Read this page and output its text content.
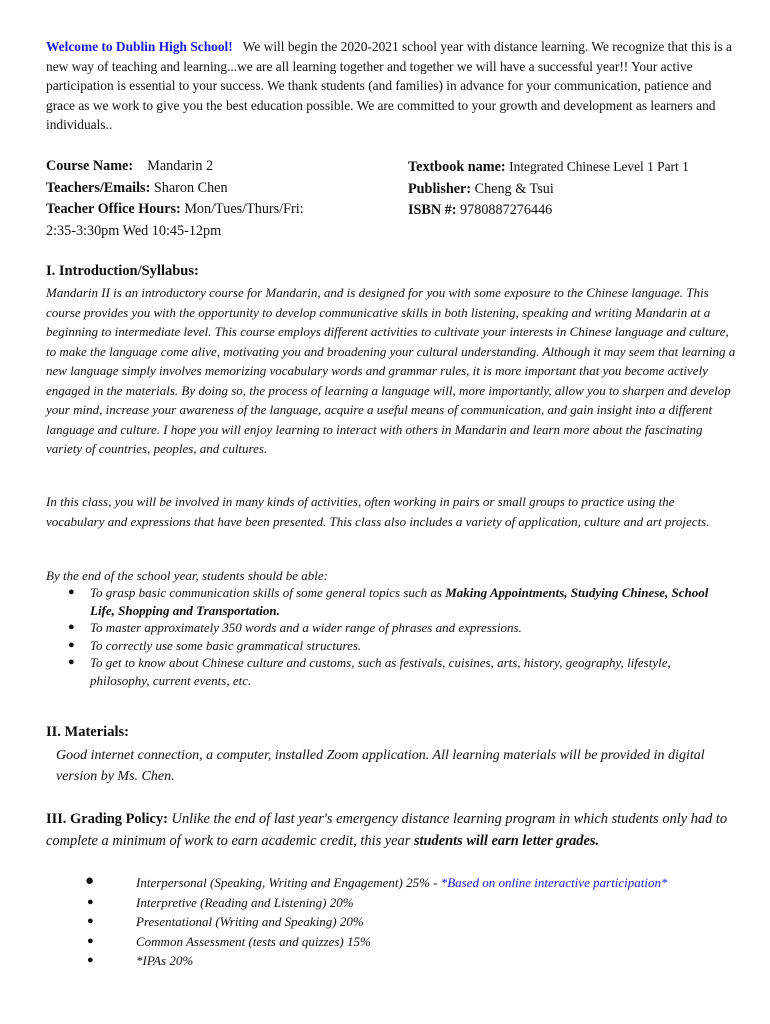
Welcome to Dublin High School! We will begin the 2020-2021 school year with distance learning. We recognize that this is a new way of teaching and learning...we are all learning together and together we will have a successful year!! Your active participation is essential to your success. We thank students (and families) in advance for your communication, patience and grace as we work to give you the best education possible. We are committed to your growth and development as learners and individuals..
Course Name: Mandarin 2
Teachers/Emails: Sharon Chen
Teacher Office Hours: Mon/Tues/Thurs/Fri:
2:35-3:30pm Wed 10:45-12pm
Textbook name: Integrated Chinese Level 1 Part 1
Publisher: Cheng & Tsui
ISBN #: 9780887276446
I. Introduction/Syllabus:
Mandarin II is an introductory course for Mandarin, and is designed for you with some exposure to the Chinese language. This course provides you with the opportunity to develop communicative skills in both listening, speaking and writing Mandarin at a beginning to intermediate level. This course employs different activities to cultivate your interests in Chinese language and culture, to make the language come alive, motivating you and broadening your cultural understanding. Although it may seem that learning a new language simply involves memorizing vocabulary words and grammar rules, it is more important that you become actively engaged in the materials. By doing so, the process of learning a language will, more importantly, allow you to sharpen and develop your mind, increase your awareness of the language, acquire a useful means of communication, and gain insight into a different language and culture. I hope you will enjoy learning to interact with others in Mandarin and learn more about the fascinating variety of countries, peoples, and cultures.
In this class, you will be involved in many kinds of activities, often working in pairs or small groups to practice using the vocabulary and expressions that have been presented. This class also includes a variety of application, culture and art projects.
By the end of the school year, students should be able:
● To grasp basic communication skills of some general topics such as Making Appointments, Studying Chinese, School Life, Shopping and Transportation.
● To master approximately 350 words and a wider range of phrases and expressions.
● To correctly use some basic grammatical structures.
● To get to know about Chinese culture and customs, such as festivals, cuisines, arts, history, geography, lifestyle, philosophy, current events, etc.
II. Materials:
Good internet connection, a computer, installed Zoom application. All learning materials will be provided in digital version by Ms. Chen.
III. Grading Policy: Unlike the end of last year's emergency distance learning program in which students only had to complete a minimum of work to earn academic credit, this year students will earn letter grades.
●	Interpersonal (Speaking, Writing and Engagement) 25% - *Based on online interactive participation*
●	Interpretive (Reading and Listening) 20%
●	Presentational (Writing and Speaking) 20%
●	Common Assessment (tests and quizzes) 15%
●	*IPAs 20%
